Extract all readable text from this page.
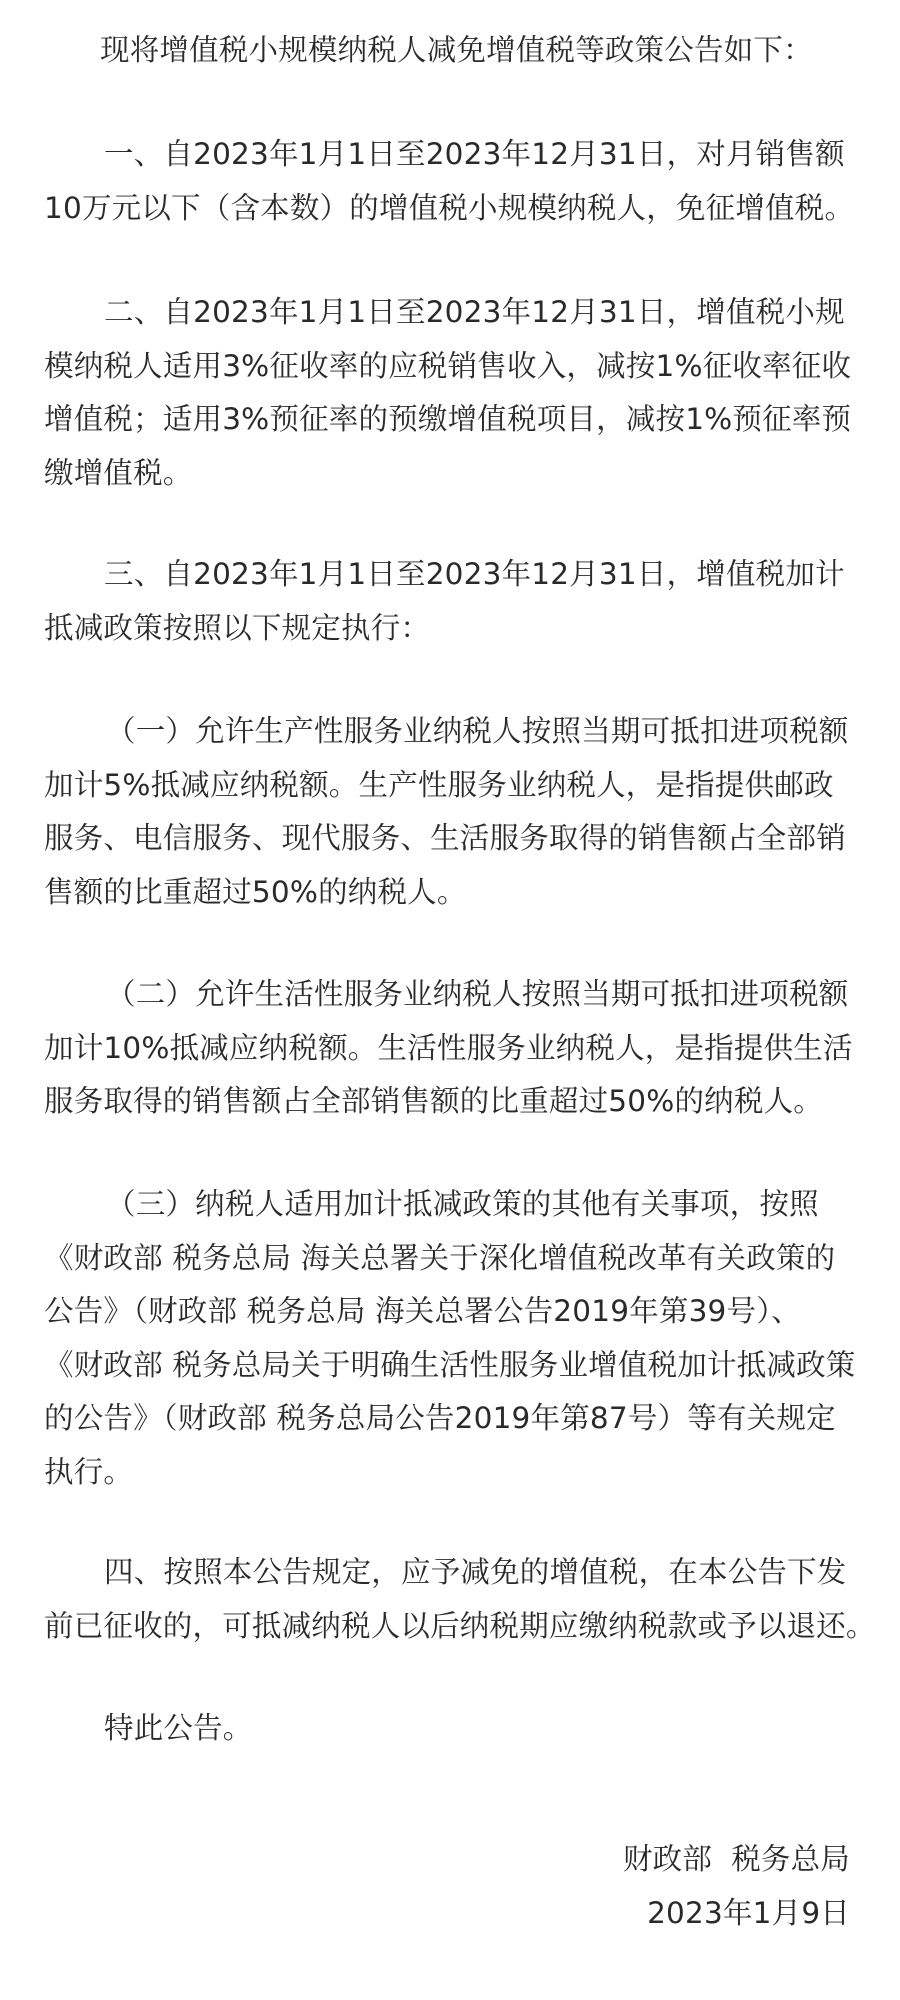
现将增值税小规模纳税人减免增值税等政策公告如下：

一、自2023年1月1日至2023年12月31日，对月销售额
10万元以下（含本数）的增值税小规模纳税人，免征增值税。

二、自2023年1月1日至2023年12月31日，增值税小规
模纳税人适用3%征收率的应税销售收入，减按1%征收率征收
增值税；适用3%预征率的预缴增值税项目，减按1%预征率预
缴增值税。

三、自2023年1月1日至2023年12月31日，增值税加计
抵减政策按照以下规定执行：

（一）允许生产性服务业纳税人按照当期可抵扣进项税额
加计5%抵减应纳税额。生产性服务业纳税人，是指提供邮政
服务、电信服务、现代服务、生活服务取得的销售额占全部销
售额的比重超过50%的纳税人。

（二）允许生活性服务业纳税人按照当期可抵扣进项税额
加计10%抵减应纳税额。生活性服务业纳税人，是指提供生活
服务取得的销售额占全部销售额的比重超过50%的纳税人。

（三）纳税人适用加计抵减政策的其他有关事项，按照
《财政部 税务总局 海关总署关于深化增值税改革有关政策的
公告》（财政部 税务总局 海关总署公告2019年第39号）、
《财政部 税务总局关于明确生活性服务业增值税加计抵减政策
的公告》（财政部 税务总局公告2019年第87号）等有关规定
执行。

四、按照本公告规定，应予减免的增值税，在本公告下发
前已征收的，可抵减纳税人以后纳税期应缴纳税款或予以退还。

特此公告。

财政部  税务总局

2023年1月9日
